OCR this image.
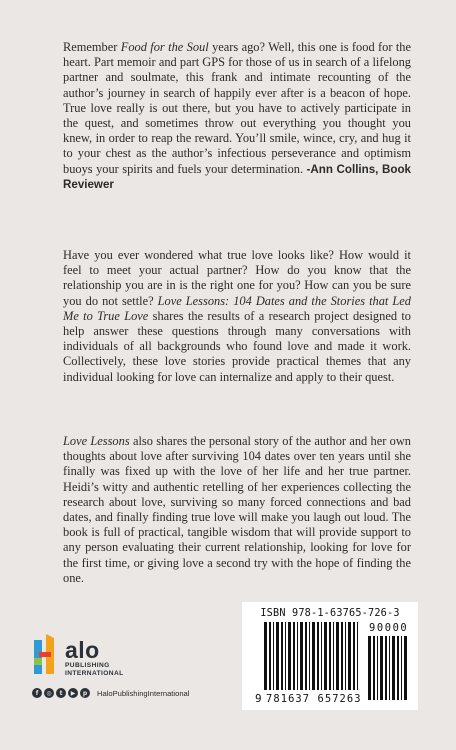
Remember Food for the Soul years ago? Well, this one is food for the heart. Part memoir and part GPS for those of us in search of a lifelong partner and soulmate, this frank and intimate recounting of the author’s journey in search of happily ever after is a beacon of hope. True love really is out there, but you have to actively participate in the quest, and sometimes throw out everything you thought you knew, in order to reap the reward. You’ll smile, wince, cry, and hug it to your chest as the author’s infectious perseverance and optimism buoys your spirits and fuels your determination. -Ann Collins, Book Reviewer

Have you ever wondered what true love looks like? How would it feel to meet your actual partner? How do you know that the relationship you are in is the right one for you? How can you be sure you do not settle? Love Lessons: 104 Dates and the Stories that Led Me to True Love shares the results of a research project designed to help answer these questions through many conversations with individuals of all backgrounds who found love and made it work. Collectively, these love stories provide practical themes that any individual looking for love can internalize and apply to their quest.

Love Lessons also shares the personal story of the author and her own thoughts about love after surviving 104 dates over ten years until she finally was fixed up with the love of her life and her true partner. Heidi’s witty and authentic retelling of her experiences collecting the research about love, surviving so many forced connections and bad dates, and finally finding true love will make you laugh out loud. The book is full of practical, tangible wisdom that will provide support to any person evaluating their current relationship, looking for love for the first time, or giving love a second try with the hope of finding the one.

alo
PUBLISHING
INTERNATIONAL
f	◎	t	▶	p	HaloPublishingInternational
ISBN 978-1-63765-726-3
9 781637 657263
90000
